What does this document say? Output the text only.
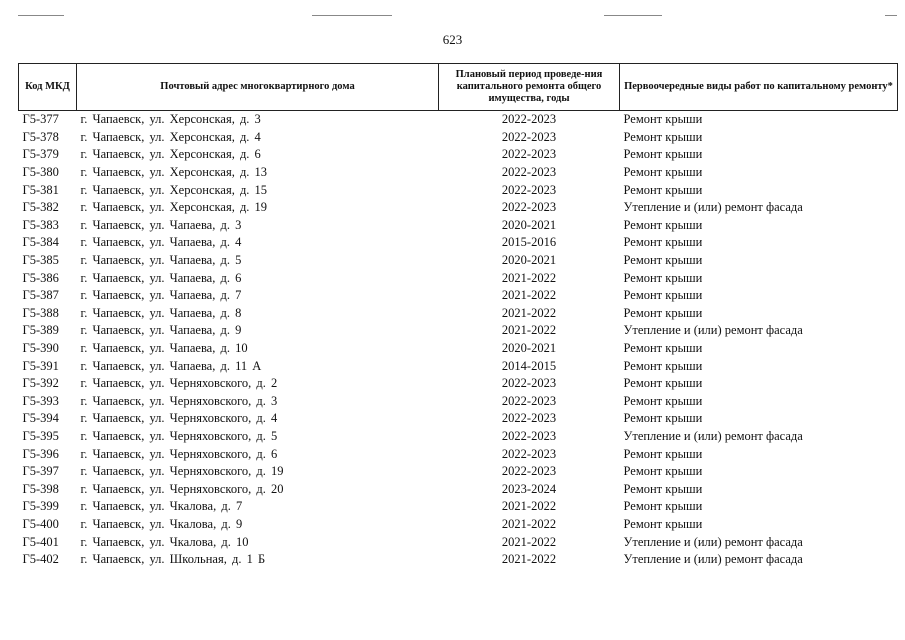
623
Код МКД	Почтовый адрес многоквартирного дома	Плановый период проведе-ния капитального ремонта общего имущества, годы	Первоочередные виды работ по капитальному ремонту*
Г5-377	г. Чапаевск, ул. Херсонская, д. 3	2022-2023	Ремонт крыши
Г5-378	г. Чапаевск, ул. Херсонская, д. 4	2022-2023	Ремонт крыши
Г5-379	г. Чапаевск, ул. Херсонская, д. 6	2022-2023	Ремонт крыши
Г5-380	г. Чапаевск, ул. Херсонская, д. 13	2022-2023	Ремонт крыши
Г5-381	г. Чапаевск, ул. Херсонская, д. 15	2022-2023	Ремонт крыши
Г5-382	г. Чапаевск, ул. Херсонская, д. 19	2022-2023	Утепление и (или) ремонт фасада
Г5-383	г. Чапаевск, ул. Чапаева, д. 3	2020-2021	Ремонт крыши
Г5-384	г. Чапаевск, ул. Чапаева, д. 4	2015-2016	Ремонт крыши
Г5-385	г. Чапаевск, ул. Чапаева, д. 5	2020-2021	Ремонт крыши
Г5-386	г. Чапаевск, ул. Чапаева, д. 6	2021-2022	Ремонт крыши
Г5-387	г. Чапаевск, ул. Чапаева, д. 7	2021-2022	Ремонт крыши
Г5-388	г. Чапаевск, ул. Чапаева, д. 8	2021-2022	Ремонт крыши
Г5-389	г. Чапаевск, ул. Чапаева, д. 9	2021-2022	Утепление и (или) ремонт фасада
Г5-390	г. Чапаевск, ул. Чапаева, д. 10	2020-2021	Ремонт крыши
Г5-391	г. Чапаевск, ул. Чапаева, д. 11 А	2014-2015	Ремонт крыши
Г5-392	г. Чапаевск, ул. Черняховского, д. 2	2022-2023	Ремонт крыши
Г5-393	г. Чапаевск, ул. Черняховского, д. 3	2022-2023	Ремонт крыши
Г5-394	г. Чапаевск, ул. Черняховского, д. 4	2022-2023	Ремонт крыши
Г5-395	г. Чапаевск, ул. Черняховского, д. 5	2022-2023	Утепление и (или) ремонт фасада
Г5-396	г. Чапаевск, ул. Черняховского, д. 6	2022-2023	Ремонт крыши
Г5-397	г. Чапаевск, ул. Черняховского, д. 19	2022-2023	Ремонт крыши
Г5-398	г. Чапаевск, ул. Черняховского, д. 20	2023-2024	Ремонт крыши
Г5-399	г. Чапаевск, ул. Чкалова, д. 7	2021-2022	Ремонт крыши
Г5-400	г. Чапаевск, ул. Чкалова, д. 9	2021-2022	Ремонт крыши
Г5-401	г. Чапаевск, ул. Чкалова, д. 10	2021-2022	Утепление и (или) ремонт фасада
Г5-402	г. Чапаевск, ул. Школьная, д. 1 Б	2021-2022	Утепление и (или) ремонт фасада
